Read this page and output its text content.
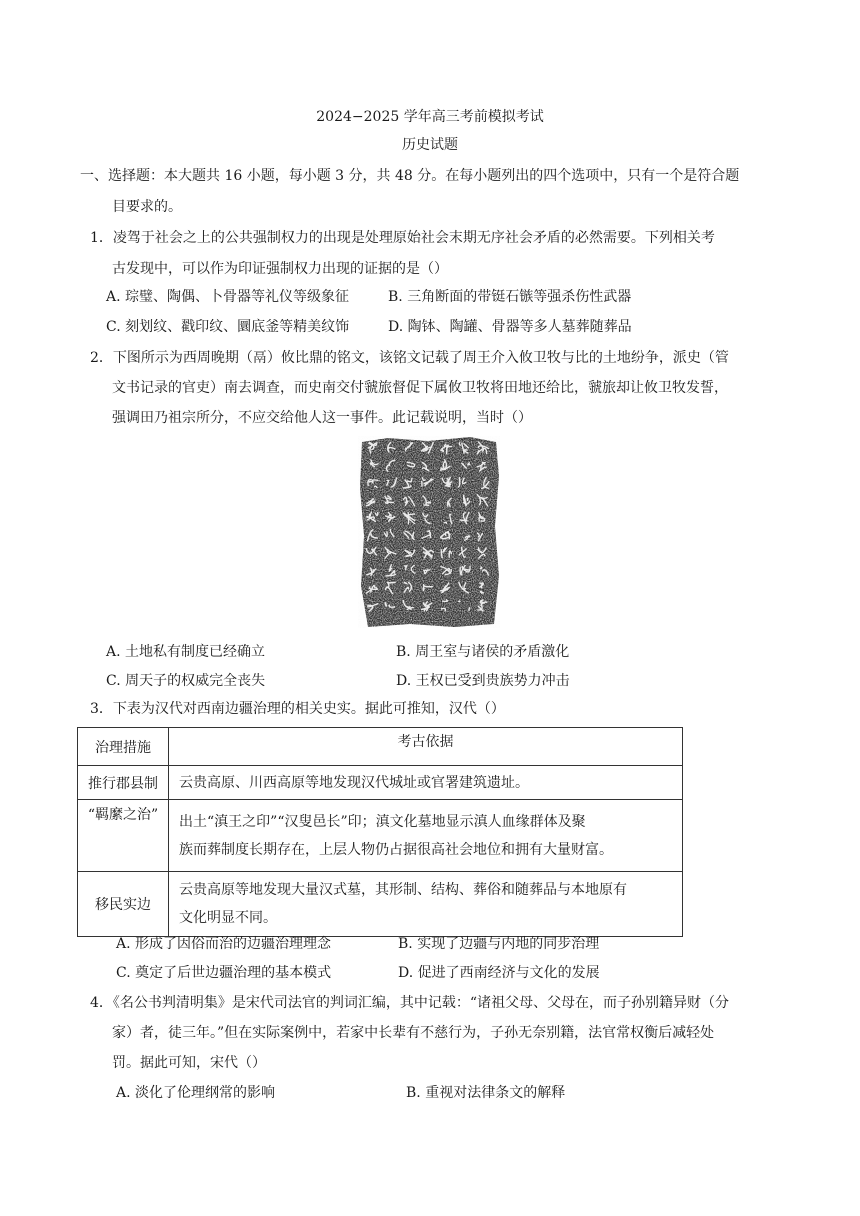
2024−2025 学年高三考前模拟考试
历史试题
一、选择题：本大题共 16 小题，每小题 3 分，共 48 分。在每小题列出的四个选项中，只有一个是符合题
目要求的。
1．凌驾于社会之上的公共强制权力的出现是处理原始社会末期无序社会矛盾的必然需要。下列相关考
古发现中，可以作为印证强制权力出现的证据的是（）
A. 琮璧、陶偶、卜骨器等礼仪等级象征	B. 三角断面的带铤石镞等强杀伤性武器
C. 刻划纹、戳印纹、圜底釜等精美纹饰	D. 陶钵、陶罐、骨器等多人墓葬随葬品
2．下图所示为西周晚期（鬲）攸比鼎的铭文，该铭文记载了周王介入攸卫牧与比的土地纷争，派史（管
文书记录的官吏）南去调查，而史南交付虢旅督促下属攸卫牧将田地还给比，虢旅却让攸卫牧发誓，
强调田乃祖宗所分，不应交给他人这一事件。此记载说明，当时（）
A. 土地私有制度已经确立	B. 周王室与诸侯的矛盾激化
C. 周天子的权威完全丧失	D. 王权已受到贵族势力冲击
3．下表为汉代对西南边疆治理的相关史实。据此可推知，汉代（）
治理措施	考古依据
推行郡县制	云贵高原、川西高原等地发现汉代城址或官署建筑遗址。

“羁縻之治”	出土“滇王之印”“汉叟邑长”印；滇文化墓地显示滇人血缘群体及聚
族而葬制度长期存在，上层人物仍占据很高社会地位和拥有大量财富。

移民实边	云贵高原等地发现大量汉式墓，其形制、结构、葬俗和随葬品与本地原有
文化明显不同。
A. 形成了因俗而治的边疆治理理念	B. 实现了边疆与内地的同步治理
C. 奠定了后世边疆治理的基本模式	D. 促进了西南经济与文化的发展
4．《名公书判清明集》是宋代司法官的判词汇编，其中记载：“诸祖父母、父母在，而子孙别籍异财（分
家）者，徒三年。”但在实际案例中，若家中长辈有不慈行为，子孙无奈别籍，法官常权衡后减轻处
罚。据此可知，宋代（）
A. 淡化了伦理纲常的影响	B. 重视对法律条文的解释
